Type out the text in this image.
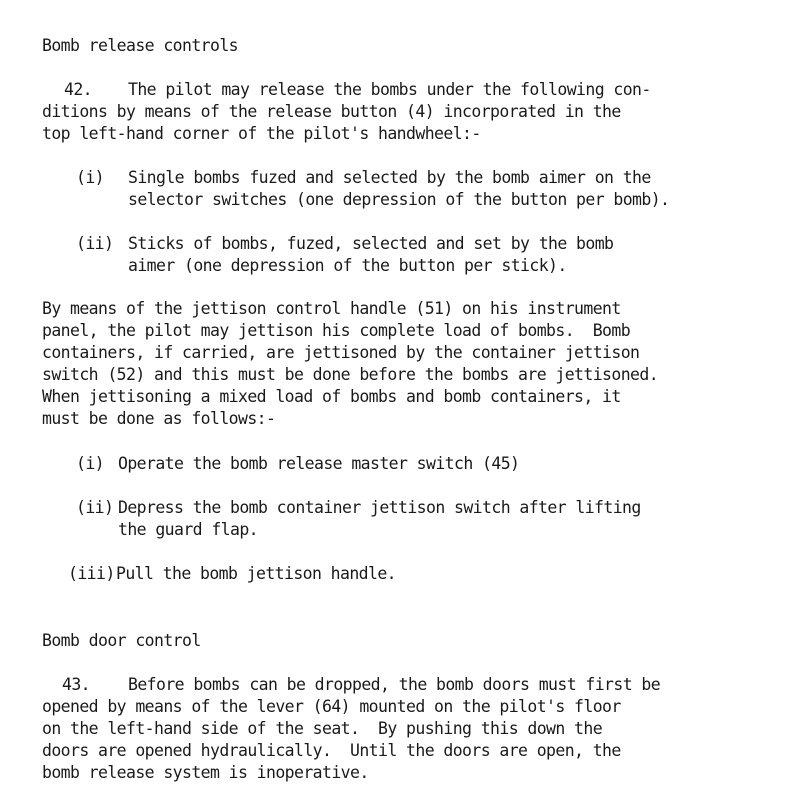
Bomb release controls
42. The pilot may release the bombs under the following con-
ditions by means of the release button (4) incorporated in the
top left-hand corner of the pilot's handwheel:-
(i) Single bombs fuzed and selected by the bomb aimer on the
selector switches (one depression of the button per bomb).
(ii) Sticks of bombs, fuzed, selected and set by the bomb
aimer (one depression of the button per stick).
By means of the jettison control handle (51) on his instrument
panel, the pilot may jettison his complete load of bombs.  Bomb
containers, if carried, are jettisoned by the container jettison
switch (52) and this must be done before the bombs are jettisoned.
When jettisoning a mixed load of bombs and bomb containers, it
must be done as follows:-
(i) Operate the bomb release master switch (45)
(ii) Depress the bomb container jettison switch after lifting
the guard flap.
(iii) Pull the bomb jettison handle.
Bomb door control
43. Before bombs can be dropped, the bomb doors must first be
opened by means of the lever (64) mounted on the pilot's floor
on the left-hand side of the seat.  By pushing this down the
doors are opened hydraulically.  Until the doors are open, the
bomb release system is inoperative.
